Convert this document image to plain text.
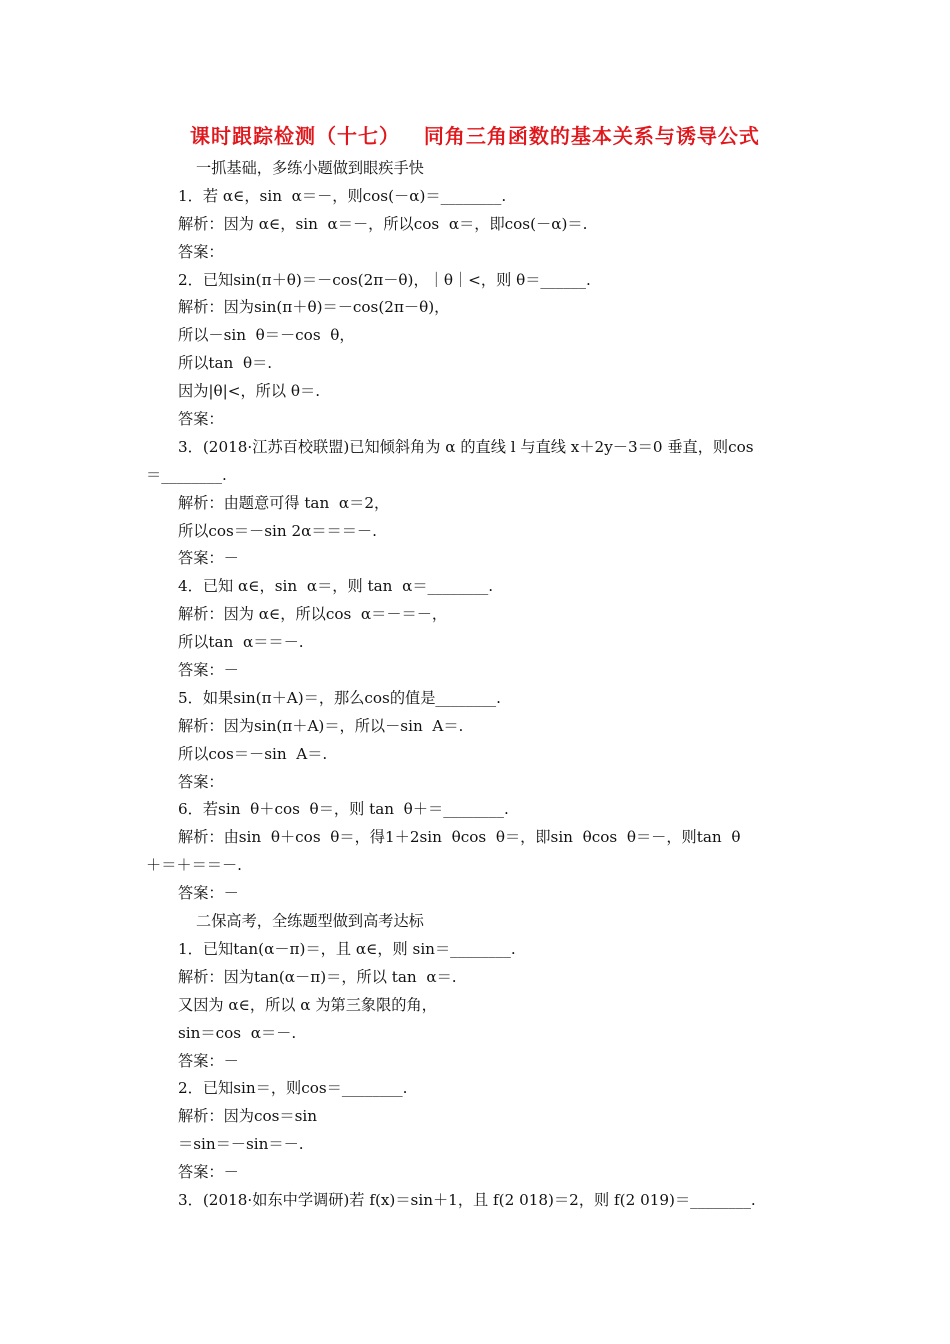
课时跟踪检测（十七）   同角三角函数的基本关系与诱导公式
一抓基础，多练小题做到眼疾手快
1．若 α∈，sin  α＝－，则cos(－α)＝________.
解析：因为 α∈，sin  α＝－，所以cos  α＝，即cos(－α)＝.
答案：
2．已知sin(π＋θ)＝－cos(2π－θ)，｜θ｜<，则 θ＝______.
解析：因为sin(π＋θ)＝－cos(2π－θ)，
所以－sin  θ＝－cos  θ，
所以tan  θ＝.
因为|θ|<，所以 θ＝.
答案：
3．(2018·江苏百校联盟)已知倾斜角为 α 的直线 l 与直线 x＋2y－3＝0 垂直，则cos
＝________.
解析：由题意可得 tan  α＝2，
所以cos＝－sin 2α＝＝＝－.
答案：－
4．已知 α∈，sin  α＝，则 tan  α＝________.
解析：因为 α∈，所以cos  α＝－＝－，
所以tan  α＝＝－.
答案：－
5．如果sin(π＋A)＝，那么cos的值是________.
解析：因为sin(π＋A)＝，所以－sin  A＝.
所以cos＝－sin  A＝.
答案：
6．若sin  θ＋cos  θ＝，则 tan  θ＋＝________.
解析：由sin  θ＋cos  θ＝，得1＋2sin  θcos  θ＝，即sin  θcos  θ＝－，则tan  θ
＋＝＋＝＝－.
答案：－
二保高考，全练题型做到高考达标
1．已知tan(α－π)＝，且 α∈，则 sin＝________.
解析：因为tan(α－π)＝，所以 tan  α＝.
又因为 α∈，所以 α 为第三象限的角，
sin＝cos  α＝－.
答案：－
2．已知sin＝，则cos＝________.
解析：因为cos＝sin
＝sin＝－sin＝－.
答案：－
3．(2018·如东中学调研)若 f(x)＝sin＋1，且 f(2 018)＝2，则 f(2 019)＝________.
